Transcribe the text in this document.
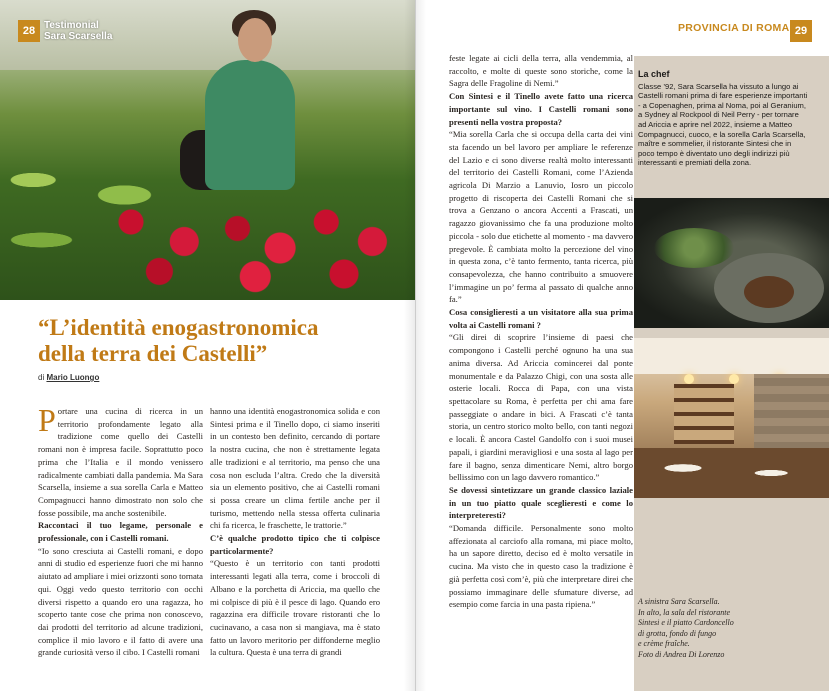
28 Testimonial
Sara Scarsella
“L’identità enogastronomica
della terra dei Castelli”
di Mario Luongo

Portare una cucina di ricerca in un territorio profondamente legato alla tradizione come quello dei Castelli romani non è impresa facile. Soprattutto poco prima che l’Italia e il mondo venissero radicalmente cambiati dalla pandemia. Ma Sara Scarsella, insieme a sua sorella Carla e Matteo Compagnucci hanno dimostrato non solo che fosse possibile, ma anche sostenibile.

Raccontaci il tuo legame, personale e professionale, con i Castelli romani.

“Io sono cresciuta ai Castelli romani, e dopo anni di studio ed esperienze fuori che mi hanno aiutato ad ampliare i miei orizzonti sono tornata qui. Oggi vedo questo territorio con occhi diversi rispetto a quando ero una ragazza, ho scoperto tante cose che prima non conoscevo, dai prodotti del territorio ad alcune tradizioni, complice il mio lavoro e il fatto di avere una grande curiosità verso il cibo. I Castelli romani

hanno una identità enogastronomica solida e con Sintesi prima e il Tinello dopo, ci siamo inseriti in un contesto ben definito, cercando di portare la nostra cucina, che non è strettamente legata alle tradizioni e al territorio, ma penso che una cosa non escluda l’altra. Credo che la diversità sia un elemento positivo, che ai Castelli romani si possa creare un clima fertile anche per il turismo, mettendo nella stessa offerta culinaria chi fa ricerca, le fraschette, le trattorie.”

C’è qualche prodotto tipico che ti colpisce particolarmente?

“Questo è un territorio con tanti prodotti interessanti legati alla terra, come i broccoli di Albano e la porchetta di Ariccia, ma quello che mi colpisce di più è il pesce di lago. Quando ero ragazzina era difficile trovare ristoranti che lo cucinavano, a casa non si mangiava, ma è stato fatto un lavoro meritorio per diffonderne meglio la cultura. Questa è una terra di grandi

PROVINCIA DI ROMA 29

feste legate ai cicli della terra, alla vendemmia, al raccolto, e molte di queste sono storiche, come la Sagra delle Fragoline di Nemi.”

Con Sintesi e il Tinello avete fatto una ricerca importante sul vino. I Castelli romani sono presenti nella vostra proposta?

“Mia sorella Carla che si occupa della carta dei vini sta facendo un bel lavoro per ampliare le referenze del Lazio e ci sono diverse realtà molto interessanti del territorio dei Castelli Romani, come l’Azienda agricola Di Marzio a Lanuvio, Iosro un piccolo progetto di riscoperta dei Castelli Romani che si trova a Genzano o ancora Accenti a Frascati, un ragazzo giovanissimo che fa una produzione molto piccola - solo due etichette al momento - ma davvero pregevole. È cambiata molto la percezione del vino in questa zona, c’è tanto fermento, tanta ricerca, più consapevolezza, che hanno contribuito a smuovere l’immagine un po’ ferma al passato di qualche anno fa.”

Cosa consiglieresti a un visitatore alla sua prima volta ai Castelli romani ?

“Gli direi di scoprire l’insieme di paesi che compongono i Castelli perché ognuno ha una sua anima diversa. Ad Ariccia comincerei dal ponte monumentale e da Palazzo Chigi, con una sosta alle osterie locali. Rocca di Papa, con una vista spettacolare su Roma, è perfetta per chi ama fare passeggiate o andare in bici. A Frascati c’è tanta storia, un centro storico molto bello, con tanti negozi e locali. È ancora Castel Gandolfo con i suoi musei papali, i giardini meravigliosi e una sosta al lago per fare il bagno, senza dimenticare Nemi, altro borgo bellissimo con un lago davvero romantico.”

Se dovessi sintetizzare un grande classico laziale in un tuo piatto quale sceglieresti e come lo interpreteresti?

“Domanda difficile. Personalmente sono molto affezionata al carciofo alla romana, mi piace molto, ha un sapore diretto, deciso ed è molto versatile in cucina. Ma visto che in questo caso la tradizione è già perfetta così com’è, più che interpretare direi che possiamo immaginare delle sfumature diverse, ad esempio come farcia in una pasta ripiena.”

La chef
Classe ’92, Sara Scarsella ha vissuto a lungo ai Castelli romani prima di fare esperienze importanti - a Copenaghen, prima al Noma, poi al Geranium, a Sydney al Rockpool di Neil Perry - per tornare ad Ariccia e aprire nel 2022, insieme a Matteo Compagnucci, cuoco, e la sorella Carla Scarsella, maître e sommelier, il ristorante Sintesi che in poco tempo è diventato uno degli indirizzi più interessanti e premiati della zona.
A sinistra Sara Scarsella.
In alto, la sala del ristorante
Sintesi e il piatto Cardoncello
di grotta, fondo di fungo
e crème fraîche.
Foto di Andrea Di Lorenzo
